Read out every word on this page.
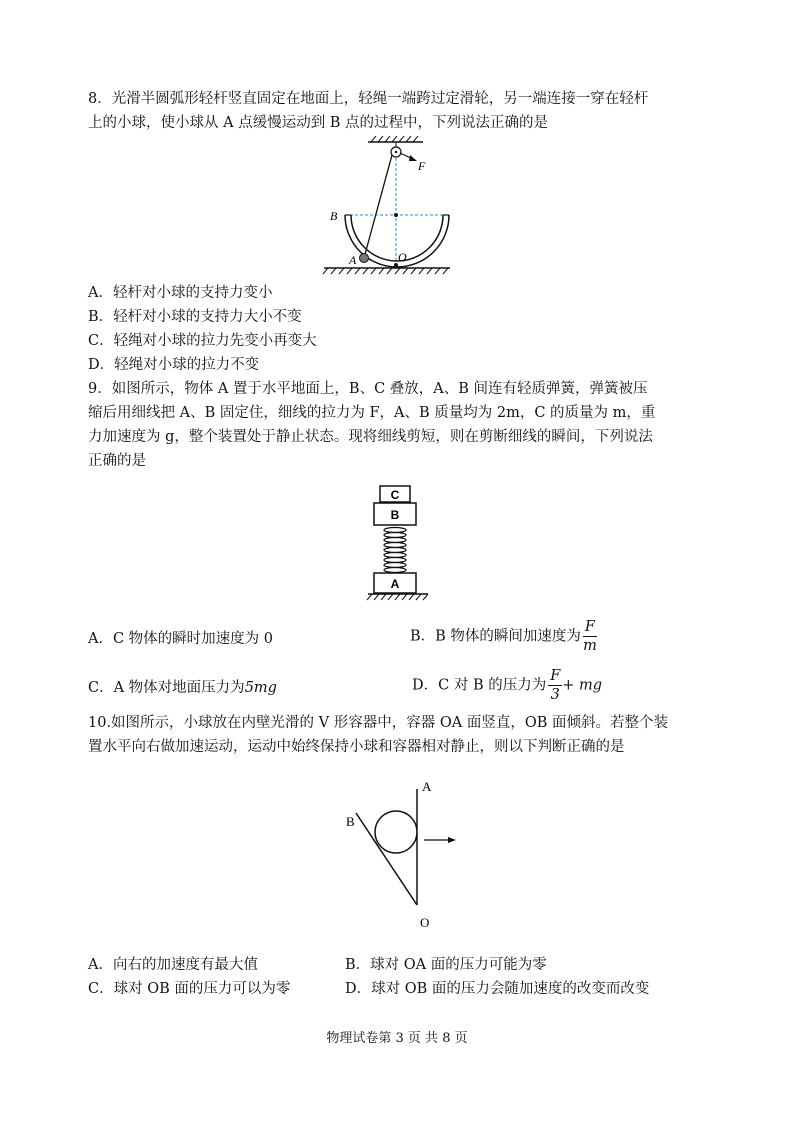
8．光滑半圆弧形轻杆竖直固定在地面上，轻绳一端跨过定滑轮，另一端连接一穿在轻杆
上的小球，使小球从 A 点缓慢运动到 B 点的过程中，下列说法正确的是
F
B
A	O
A．轻杆对小球的支持力变小
B．轻杆对小球的支持力大小不变
C．轻绳对小球的拉力先变小再变大
D．轻绳对小球的拉力不变
9．如图所示，物体 A 置于水平地面上，B、C 叠放，A、B 间连有轻质弹簧，弹簧被压
缩后用细线把 A、B 固定住，细线的拉力为 F，A、B 质量均为 2m，C 的质量为 m，重
力加速度为 g，整个装置处于静止状态。现将细线剪短，则在剪断细线的瞬间，下列说法
正确的是
C
B
A
A．C 物体的瞬时加速度为 0	B．B 物体的瞬间加速度为 $\frac{F}{m}$
C．A 物体对地面压力为5mg	D．C 对 B 的压力为 $\frac{F}{3}$ + mg
10.如图所示，小球放在内壁光滑的 V 形容器中，容器 OA 面竖直，OB 面倾斜。若整个装
置水平向右做加速运动，运动中始终保持小球和容器相对静止，则以下判断正确的是
A
B
O
A．向右的加速度有最大值	B．球对 OA 面的压力可能为零
C．球对 OB 面的压力可以为零	D．球对 OB 面的压力会随加速度的改变而改变
物理试卷第 3 页 共 8 页
